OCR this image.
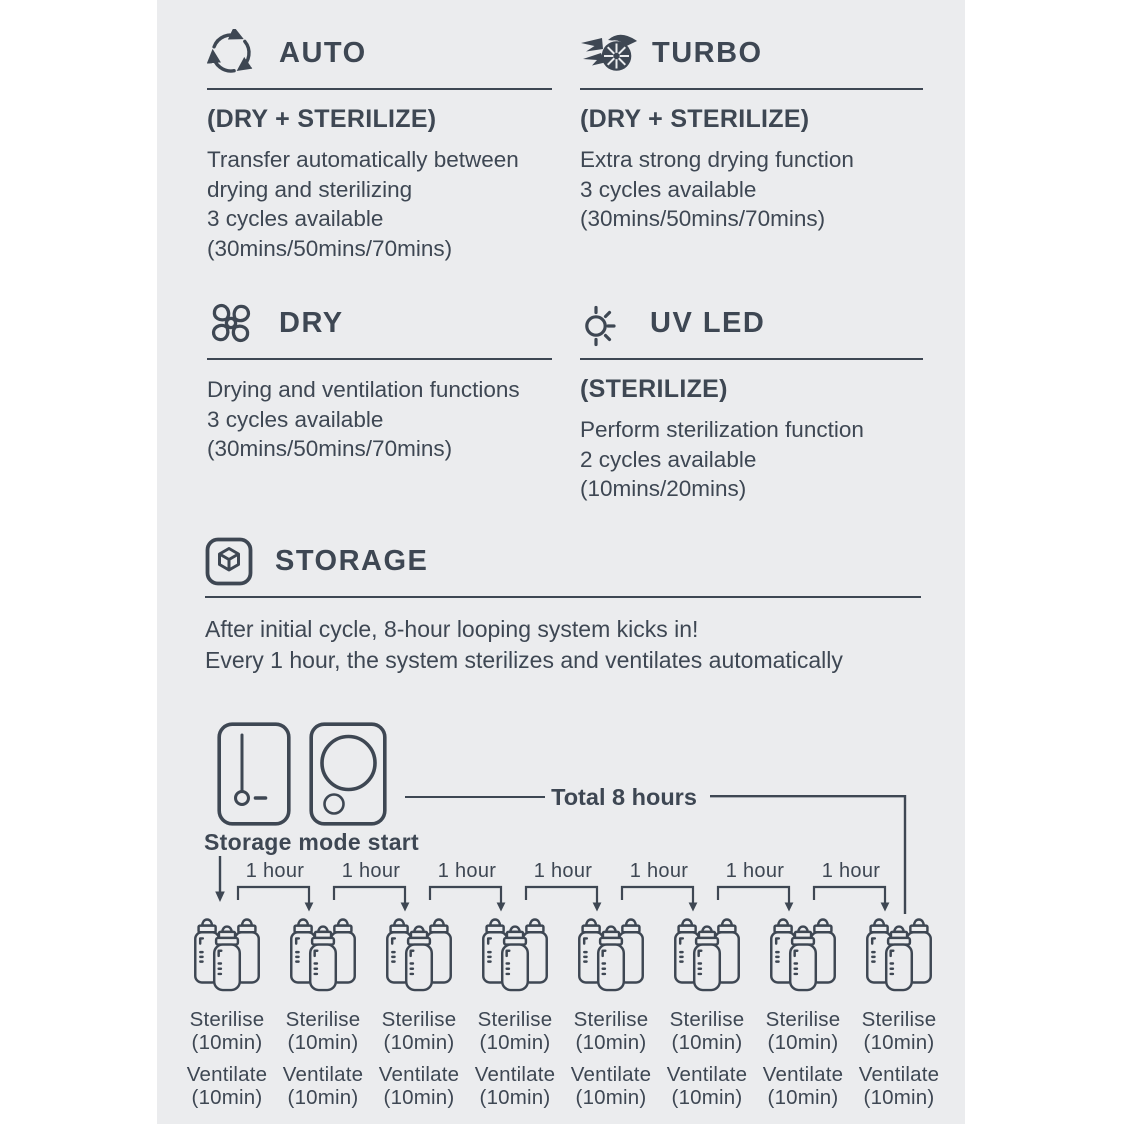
AUTO
(DRY + STERILIZE)
Transfer automatically between
drying and sterilizing
3 cycles available
(30mins/50mins/70mins)
TURBO
(DRY + STERILIZE)
Extra strong drying function
3 cycles available
(30mins/50mins/70mins)
DRY
Drying and ventilation functions
3 cycles available
(30mins/50mins/70mins)
UV LED
(STERILIZE)
Perform sterilization function
2 cycles available
(10mins/20mins)
STORAGE
After initial cycle, 8-hour looping system kicks in!
Every 1 hour, the system sterilizes and ventilates automatically
Storage mode start
Total 8 hours
1 hour	1 hour	1 hour	1 hour	1 hour	1 hour	1 hour
Sterilise
(10min)
Ventilate
(10min)
Sterilise
(10min)
Ventilate
(10min)
Sterilise
(10min)
Ventilate
(10min)
Sterilise
(10min)
Ventilate
(10min)
Sterilise
(10min)
Ventilate
(10min)
Sterilise
(10min)
Ventilate
(10min)
Sterilise
(10min)
Ventilate
(10min)
Sterilise
(10min)
Ventilate
(10min)
